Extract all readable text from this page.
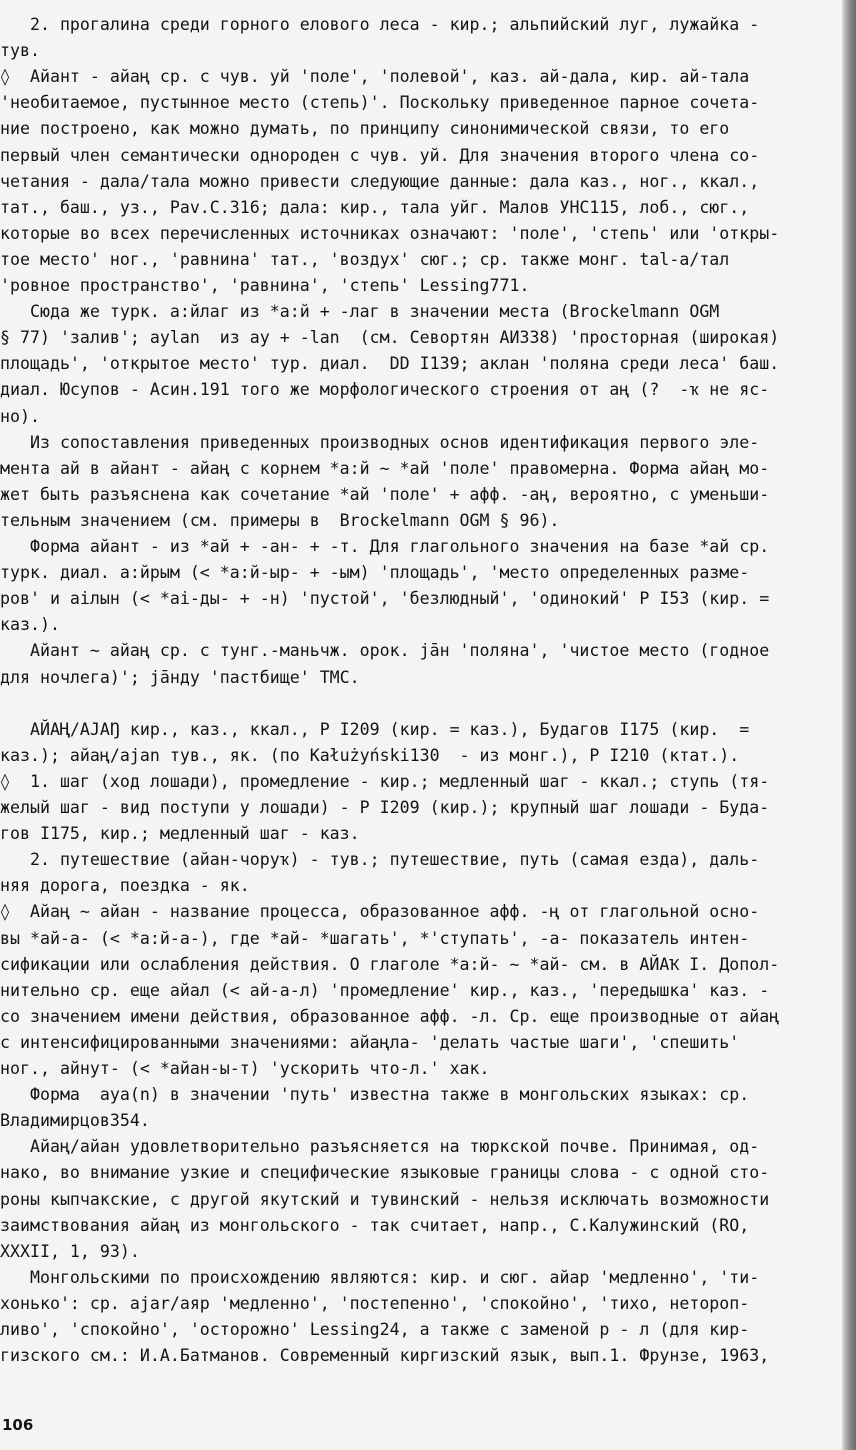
2. прогалина среди горного елового леса - кир.; альпийский луг, лужайка -

тув.

◊  Айант - айаң ср. с чув. уй 'поле', 'полевой', каз. ай-дала, кир. ай-тала

'необитаемое, пустынное место (степь)'. Поскольку приведенное парное сочета-

ние построено, как можно думать, по принципу синонимической связи, то его

первый член семантически однороден с чув. уй. Для значения второго члена со-

четания - дала/тала можно привести следующие данные: дала каз., ног., ккал.,

тат., баш., уз., Рav.С.316; дала: кир., тала уйг. Малов УНС115, лоб., сюг.,

которые во всех перечисленных источниках означают: 'поле', 'степь' или 'откры-

тое место' ног., 'равнина' тат., 'воздух' сюг.; ср. также монг. tal-a/тал

'ровное пространство', 'равнина', 'степь' Lessing771.

Сюда же турк. а:йлаг из *а:й + -лаг в значении места (Brockelmann OGM

§ 77) 'залив'; aylan  из ay + -lan  (см. Севортян АИ338) 'просторная (широкая)

площадь', 'открытое место' тур. диал.  DD I139; аклан 'поляна среди леса' баш.

диал. Юсупов - Асин.191 того же морфологического строения от аң (?  -ҡ не яс-

но).

Из сопоставления приведенных производных основ идентификация первого эле-

мента ай в айант - айаң с корнем *а:й ~ *ай 'поле' правомерна. Форма айаң мо-

жет быть разъяснена как сочетание *ай 'поле' + афф. -аң, вероятно, с уменьши-

тельным значением (см. примеры в  Brockelmann OGM § 96).

Форма айант - из *ай + -ан- + -т. Для глагольного значения на базе *ай ср.

турк. диал. а:йрым (< *а:й-ыр- + -ым) 'площадь', 'место определенных разме-

ров' и aiлын (< *ai-ды- + -н) 'пустой', 'безлюдный', 'одинокий' Р I53 (кир. =

каз.).

Айант ~ айаң ср. с тунг.-маньчж. орок. jāн 'поляна', 'чистое место (годное

для ночлега)'; jāнду 'пастбище' ТМС.

АЙАҢ/AJAŊ кир., каз., ккал., Р I209 (кир. = каз.), Будагов I175 (кир.  =

каз.); айаң/ajan тув., як. (по Kałużyński130  - из монг.), Р I210 (ктат.).

◊  1. шаг (ход лошади), промедление - кир.; медленный шаг - ккал.; ступь (тя-

желый шаг - вид поступи у лошади) - Р I209 (кир.); крупный шаг лошади - Буда-

гов I175, кир.; медленный шаг - каз.

2. путешествие (айан-чоруҡ) - тув.; путешествие, путь (самая езда), даль-

няя дорога, поездка - як.

◊  Айаң ~ айан - название процесса, образованное афф. -ң от глагольной осно-

вы *ай-а- (< *а:й-а-), где *ай- *шагать', *'ступать', -а- показатель интен-

сификации или ослабления действия. О глаголе *а:й- ~ *ай- см. в АЙАҠ I. Допол-

нительно ср. еще айал (< ай-а-л) 'промедление' кир., каз., 'передышка' каз. -

со значением имени действия, образованное афф. -л. Ср. еще производные от айаң

с интенсифицированными значениями: айаңла- 'делать частые шаги', 'спешить'

ног., айнут- (< *айан-ы-т) 'ускорить что-л.' хак.

Форма  aya(n) в значении 'путь' известна также в монгольских языках: ср.

Владимирцов354.

Айаң/айан удовлетворительно разъясняется на тюркской почве. Принимая, од-

нако, во внимание узкие и специфические языковые границы слова - с одной сто-

роны кыпчакские, с другой якутский и тувинский - нельзя исключать возможности

заимствования айаң из монгольского - так считает, напр., С.Калужинский (RO,

XXXII, 1, 93).

Монгольскими по происхождению являются: кир. и сюг. айар 'медленно', 'ти-

хонько': ср. ajar/аяр 'медленно', 'постепенно', 'спокойно', 'тихо, нетороп-

ливо', 'спокойно', 'осторожно' Lessing24, а также с заменой р - л (для кир-

гизского см.: И.А.Батманов. Современный киргизский язык, вып.1. Фрунзе, 1963,

106
